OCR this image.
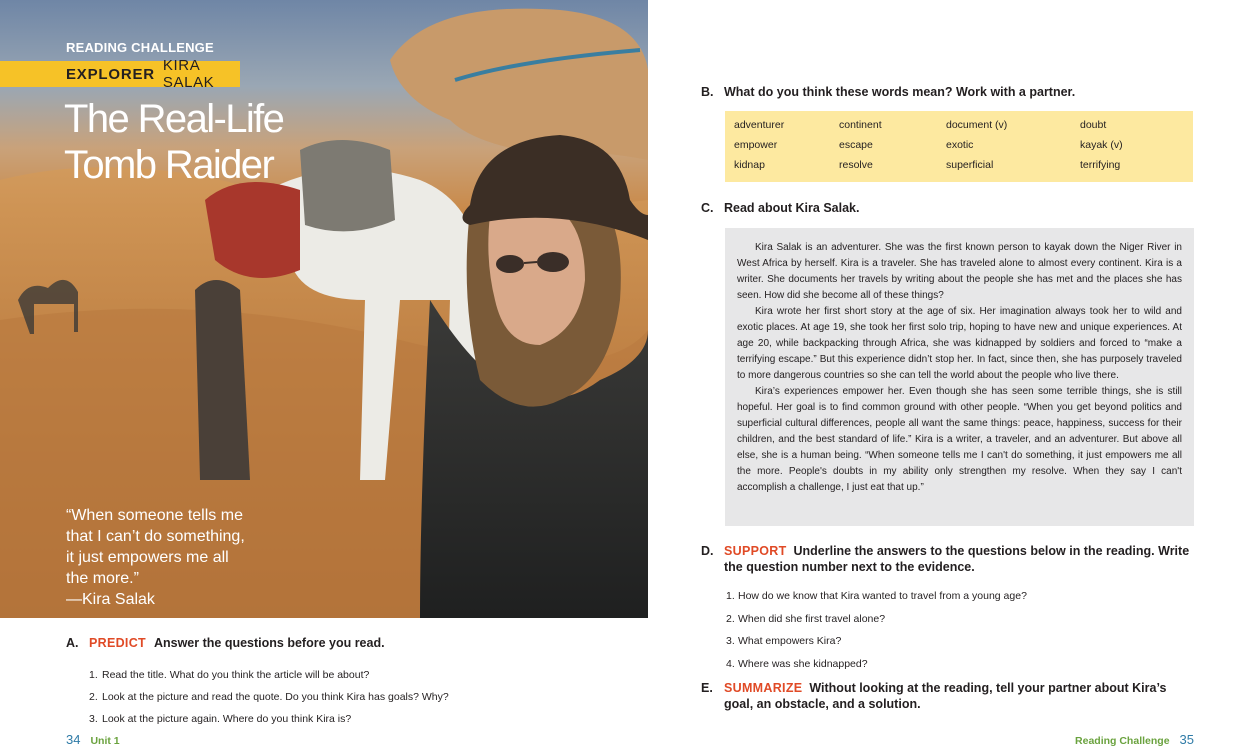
READING CHALLENGE
EXPLORER KIRA SALAK
The Real-Life
Tomb Raider
“When someone tells me
that I can’t do something,
it just empowers me all
the more.”
—Kira Salak
A. PREDICT Answer the questions before you read.
1. Read the title. What do you think the article will be about?
2. Look at the picture and read the quote. Do you think Kira has goals? Why?
3. Look at the picture again. Where do you think Kira is?
34 Unit 1
B. What do you think these words mean? Work with a partner.
adventurer	continent	document (v)	doubt
empower	escape	exotic	kayak (v)
kidnap	resolve	superficial	terrifying
C. Read about Kira Salak.

Kira Salak is an adventurer. She was the first known person to kayak down the Niger River in West Africa by herself. Kira is a traveler. She has traveled alone to almost every continent. Kira is a writer. She documents her travels by writing about the people she has met and the places she has seen. How did she become all of these things?

Kira wrote her first short story at the age of six. Her imagination always took her to wild and exotic places. At age 19, she took her first solo trip, hoping to have new and unique experiences. At age 20, while backpacking through Africa, she was kidnapped by soldiers and forced to “make a terrifying escape.” But this experience didn’t stop her. In fact, since then, she has purposely traveled to more dangerous countries so she can tell the world about the people who live there.

Kira’s experiences empower her. Even though she has seen some terrible things, she is still hopeful. Her goal is to find common ground with other people. “When you get beyond politics and superficial cultural differences, people all want the same things: peace, happiness, success for their children, and the best standard of life.” Kira is a writer, a traveler, and an adventurer. But above all else, she is a human being. “When someone tells me I can't do something, it just empowers me all the more. People's doubts in my ability only strengthen my resolve. When they say I can't accomplish a challenge, I just eat that up.”

D. SUPPORT Underline the answers to the questions below in the reading. Write the question number next to the evidence.
1. How do we know that Kira wanted to travel from a young age?
2. When did she first travel alone?
3. What empowers Kira?
4. Where was she kidnapped?
E. SUMMARIZE Without looking at the reading, tell your partner about Kira’s goal, an obstacle, and a solution.
Reading Challenge 35
